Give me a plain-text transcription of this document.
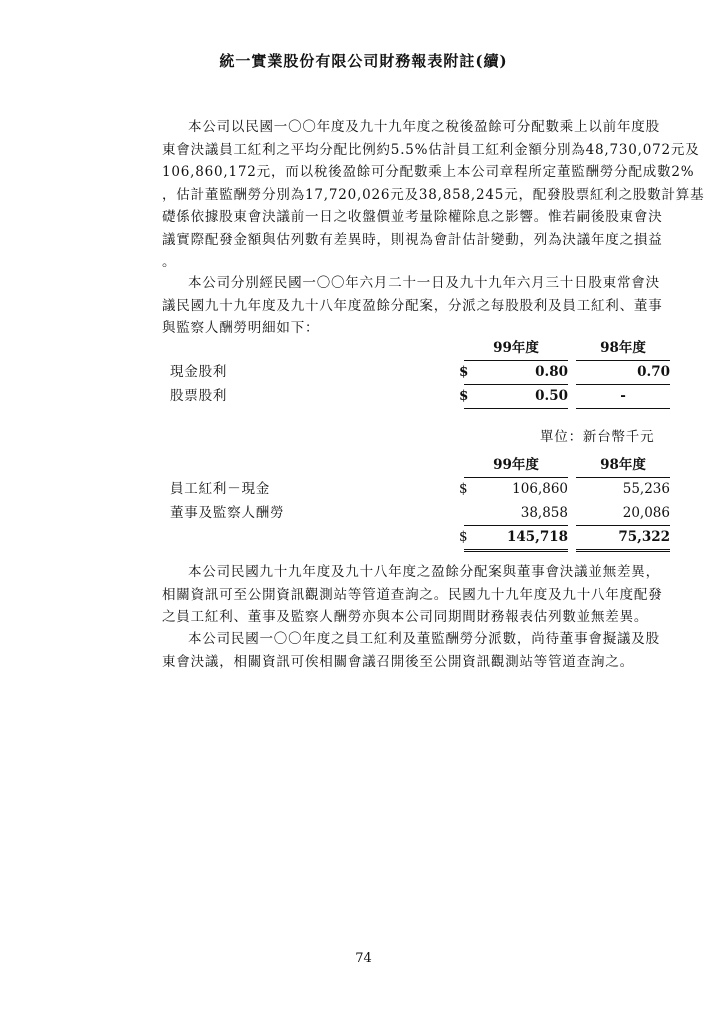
統一實業股份有限公司財務報表附註(續)
本公司以民國一〇〇年度及九十九年度之稅後盈餘可分配數乘上以前年度股
東會決議員工紅利之平均分配比例約5.5%估計員工紅利金額分別為48,730,072元及
106,860,172元，而以稅後盈餘可分配數乘上本公司章程所定董監酬勞分配成數2%
，估計董監酬勞分別為17,720,026元及38,858,245元，配發股票紅利之股數計算基
礎係依據股東會決議前一日之收盤價並考量除權除息之影響。惟若嗣後股東會決
議實際配發金額與估列數有差異時，則視為會計估計變動，列為決議年度之損益
。
本公司分別經民國一〇〇年六月二十一日及九十九年六月三十日股東常會決
議民國九十九年度及九十八年度盈餘分配案，分派之每股股利及員工紅利、董事
與監察人酬勞明細如下：
99年度	98年度
現金股利	$	0.80	0.70
股票股利	$	0.50	-
單位：新台幣千元
99年度	98年度
員工紅利－現金	$	106,860	55,236
董事及監察人酬勞	38,858	20,086
$	145,718	75,322
本公司民國九十九年度及九十八年度之盈餘分配案與董事會決議並無差異，
相關資訊可至公開資訊觀測站等管道查詢之。民國九十九年度及九十八年度配發
之員工紅利、董事及監察人酬勞亦與本公司同期間財務報表估列數並無差異。
本公司民國一〇〇年度之員工紅利及董監酬勞分派數，尚待董事會擬議及股
東會決議，相關資訊可俟相關會議召開後至公開資訊觀測站等管道查詢之。
74
